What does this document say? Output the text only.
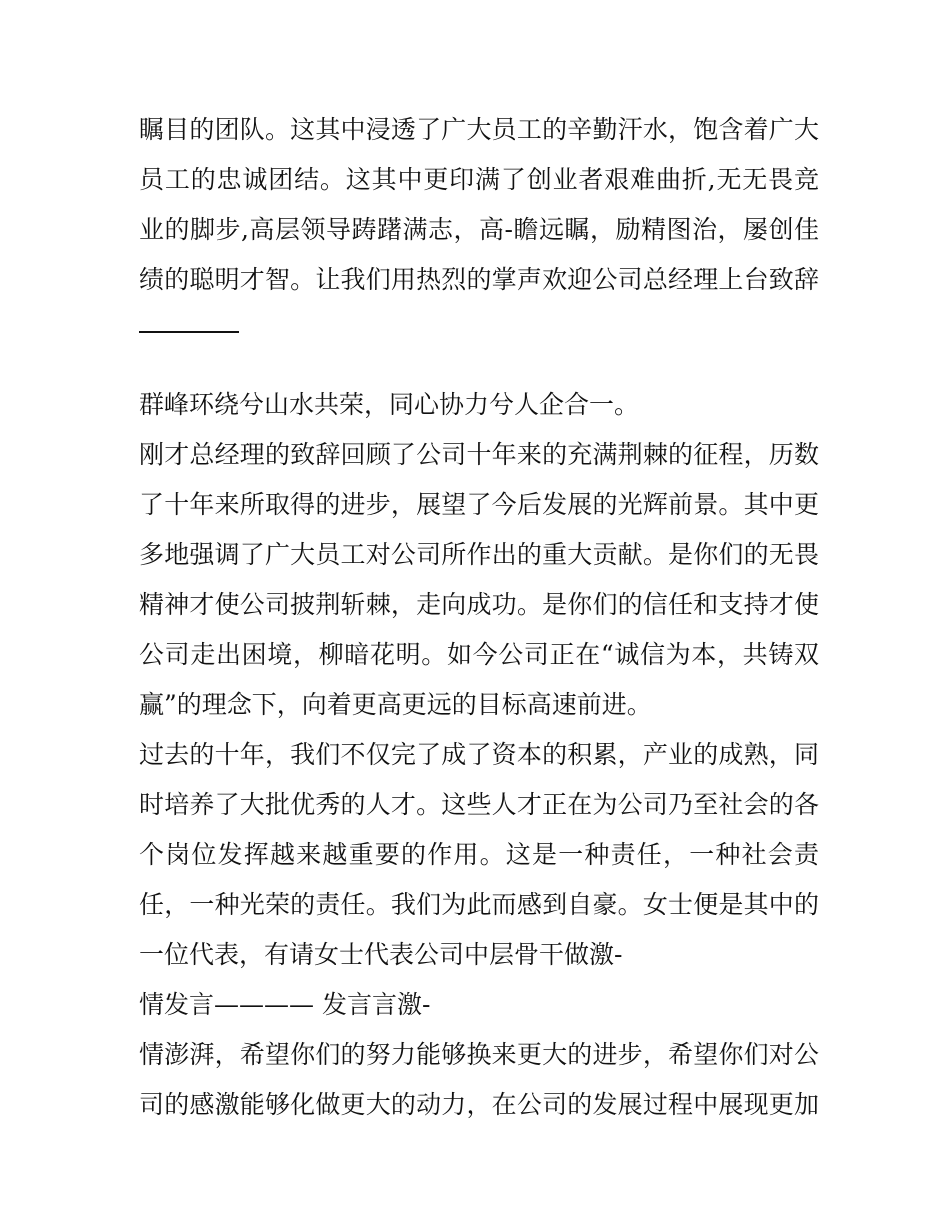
瞩目的团队。这其中浸透了广大员工的辛勤汗水，饱含着广大
员工的忠诚团结。这其中更印满了创业者艰难曲折,无无畏竞
业的脚步,高层领导踌躇满志，高-瞻远瞩，励精图治，屡创佳
绩的聪明才智。让我们用热烈的掌声欢迎公司总经理上台致辞
群峰环绕兮山水共荣，同心协力兮人企合一。
刚才总经理的致辞回顾了公司十年来的充满荆棘的征程，历数
了十年来所取得的进步，展望了今后发展的光辉前景。其中更
多地强调了广大员工对公司所作出的重大贡献。是你们的无畏
精神才使公司披荆斩棘，走向成功。是你们的信任和支持才使
公司走出困境，柳暗花明。如今公司正在“诚信为本，共铸双
赢”的理念下，向着更高更远的目标高速前进。
过去的十年，我们不仅完了成了资本的积累，产业的成熟，同
时培养了大批优秀的人才。这些人才正在为公司乃至社会的各
个岗位发挥越来越重要的作用。这是一种责任，一种社会责
任，一种光荣的责任。我们为此而感到自豪。女士便是其中的
一位代表，有请女士代表公司中层骨干做激-
情发言———— 发言言激-
情澎湃，希望你们的努力能够换来更大的进步，希望你们对公
司的感激能够化做更大的动力，在公司的发展过程中展现更加
